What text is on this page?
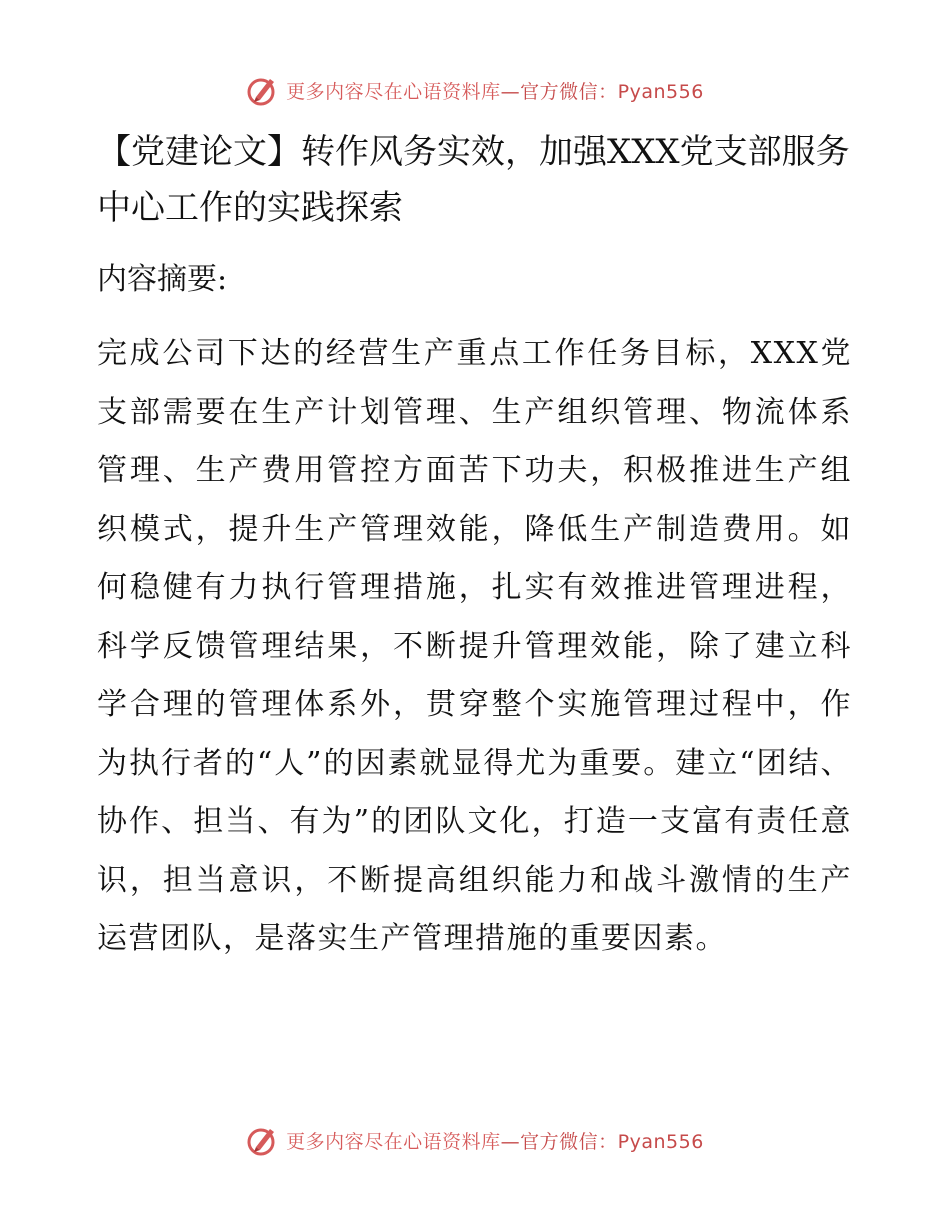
更多内容尽在心语资料库—官方微信：Pyan556
【党建论文】转作风务实效，加强XXX党支部服务中心工作的实践探索

内容摘要:

完成公司下达的经营生产重点工作任务目标，XXX党支部需要在生产计划管理、生产组织管理、物流体系管理、生产费用管控方面苦下功夫，积极推进生产组织模式，提升生产管理效能，降低生产制造费用。如何稳健有力执行管理措施，扎实有效推进管理进程，科学反馈管理结果，不断提升管理效能，除了建立科学合理的管理体系外，贯穿整个实施管理过程中，作为执行者的“人”的因素就显得尤为重要。建立“团结、协作、担当、有为”的团队文化，打造一支富有责任意识，担当意识，不断提高组织能力和战斗激情的生产运营团队，是落实生产管理措施的重要因素。

更多内容尽在心语资料库—官方微信：Pyan556
